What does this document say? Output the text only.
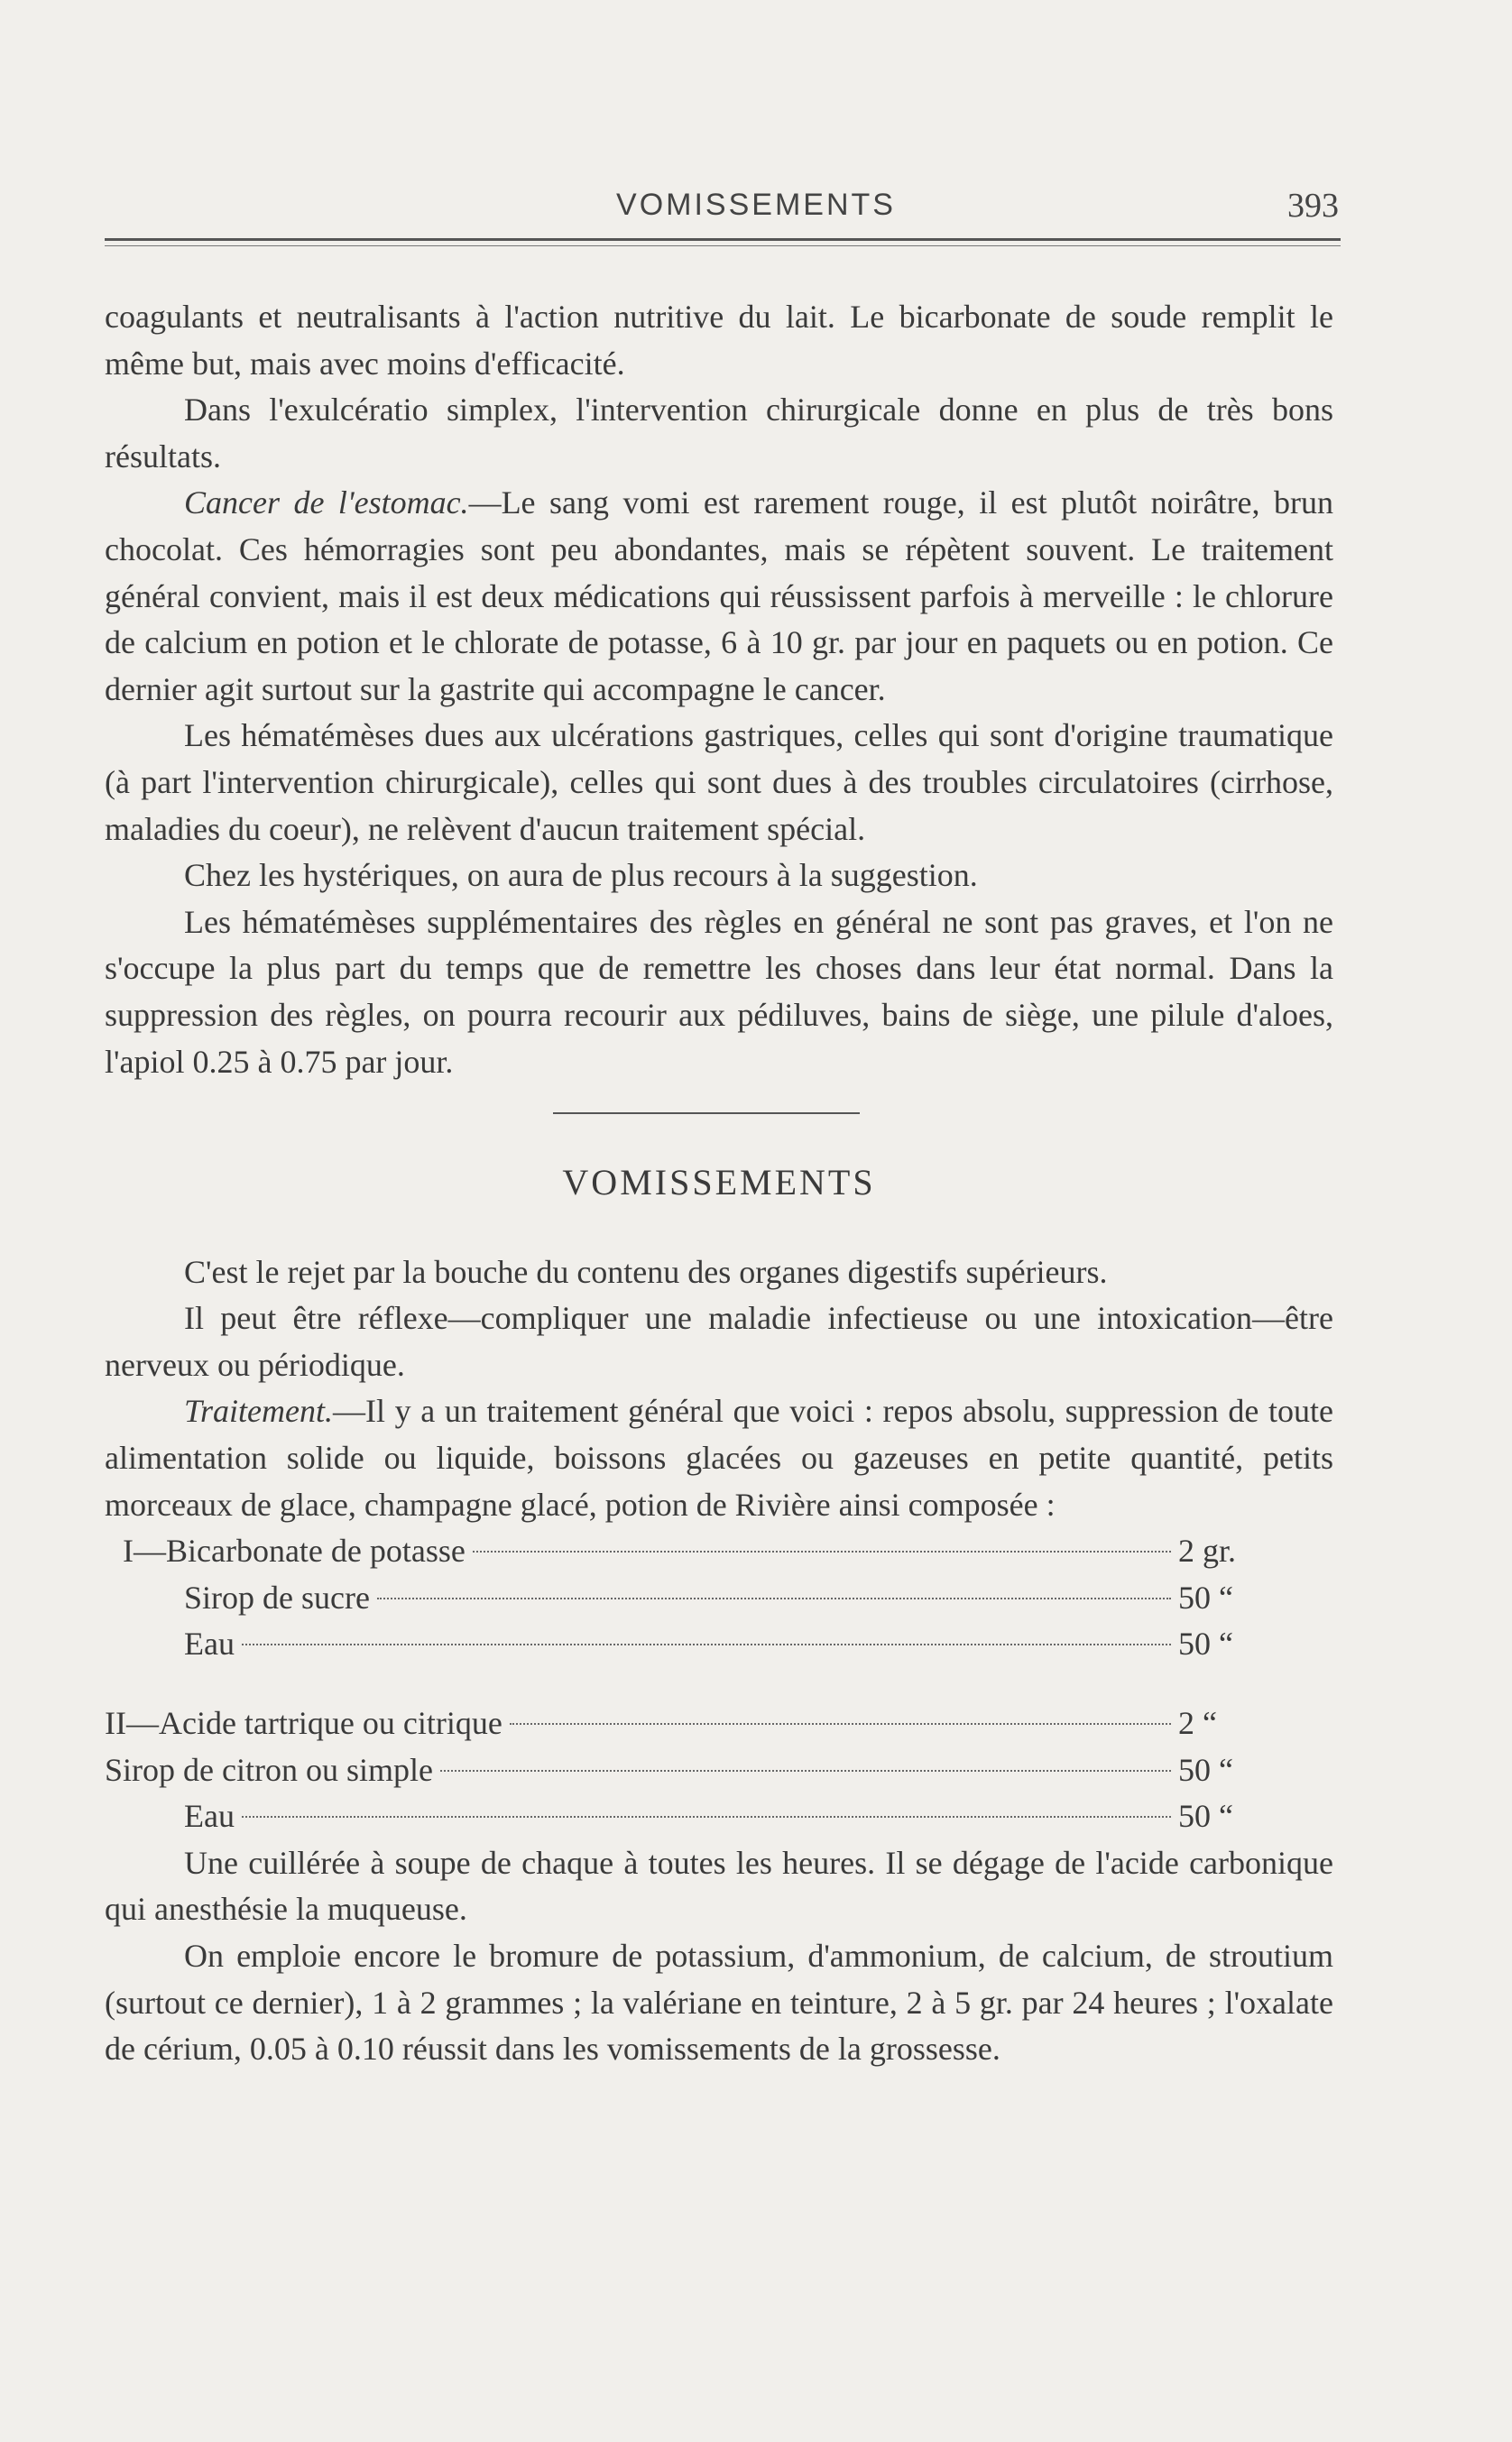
VOMISSEMENTS	393

coagulants et neutralisants à l'action nutritive du lait. Le bicarbonate de soude remplit le même but, mais avec moins d'efficacité.

Dans l'exulcératio simplex, l'intervention chirurgicale donne en plus de très bons résultats.

Cancer de l'estomac.—Le sang vomi est rarement rouge, il est plutôt noirâtre, brun chocolat. Ces hémorragies sont peu abondantes, mais se répètent souvent. Le traitement général convient, mais il est deux médications qui réussissent parfois à merveille : le chlorure de calcium en potion et le chlorate de potasse, 6 à 10 gr. par jour en paquets ou en potion. Ce dernier agit surtout sur la gastrite qui accompagne le cancer.

Les hématémèses dues aux ulcérations gastriques, celles qui sont d'origine traumatique (à part l'intervention chirurgicale), celles qui sont dues à des troubles circulatoires (cirrhose, maladies du coeur), ne relèvent d'aucun traitement spécial.

Chez les hystériques, on aura de plus recours à la suggestion.

Les hématémèses supplémentaires des règles en général ne sont pas graves, et l'on ne s'occupe la plus part du temps que de remettre les choses dans leur état normal. Dans la suppression des règles, on pourra recourir aux pédiluves, bains de siège, une pilule d'aloes, l'apiol 0.25 à 0.75 par jour.

VOMISSEMENTS

C'est le rejet par la bouche du contenu des organes digestifs supérieurs.

Il peut être réflexe—compliquer une maladie infectieuse ou une intoxication—être nerveux ou périodique.

Traitement.—Il y a un traitement général que voici : repos absolu, suppression de toute alimentation solide ou liquide, boissons glacées ou gazeuses en petite quantité, petits morceaux de glace, champagne glacé, potion de Rivière ainsi composée :

I—Bicarbonate de potasse	2 gr.
Sirop de sucre	50 “
Eau	50 “
II—Acide tartrique ou citrique	2 “
Sirop de citron ou simple	50 “
Eau	50 “

Une cuillérée à soupe de chaque à toutes les heures. Il se dégage de l'acide carbonique qui anesthésie la muqueuse.

On emploie encore le bromure de potassium, d'ammonium, de calcium, de stroutium (surtout ce dernier), 1 à 2 grammes ; la valériane en teinture, 2 à 5 gr. par 24 heures ; l'oxalate de cérium, 0.05 à 0.10 réussit dans les vomissements de la grossesse.
